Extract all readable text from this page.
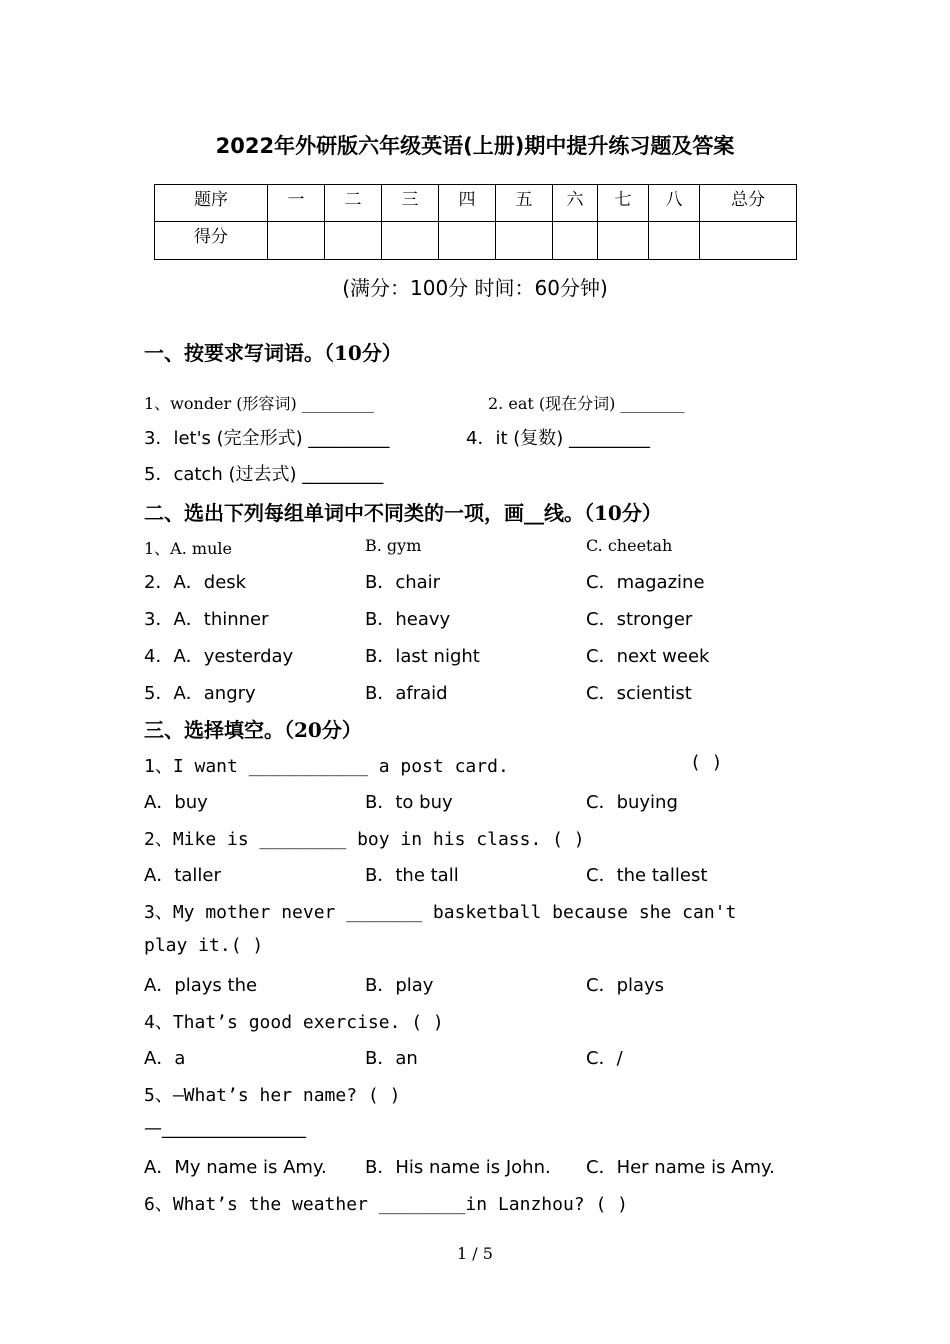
2022年外研版六年级英语(上册)期中提升练习题及答案
题序	一	二	三	四	五	六	七	八	总分
得分									
(满分：100分 时间：60分钟)
一、按要求写词语。（10分）
1、wonder (形容词) _________	2. eat (现在分词) ________
3．let's (完全形式) _________	4．it (复数) _________
5．catch (过去式) _________
二、选出下列每组单词中不同类的一项，画__线。（10分）
1、A. mule	B. gym	C. cheetah
2．A．desk	B．chair	C．magazine
3．A．thinner	B．heavy	C．stronger
4．A．yesterday	B．last night	C．next week
5．A．angry	B．afraid	C．scientist
三、选择填空。（20分）
1、I want ___________ a post card.	( )
A．buy	B．to buy	C．buying
2、Mike is ________ boy in his class. ( )
A．taller	B．the tall	C．the tallest
3、My mother never _______ basketball because she can't
play it.( )
A．plays the	B．play	C．plays
4、That’s good exercise. ( )
A．a	B．an	C．/
5、—What’s her name? ( )
—________________
A．My name is Amy. B．His name is John. C．Her name is Amy.
6、What’s the weather ________in Lanzhou? ( )
1 / 5
